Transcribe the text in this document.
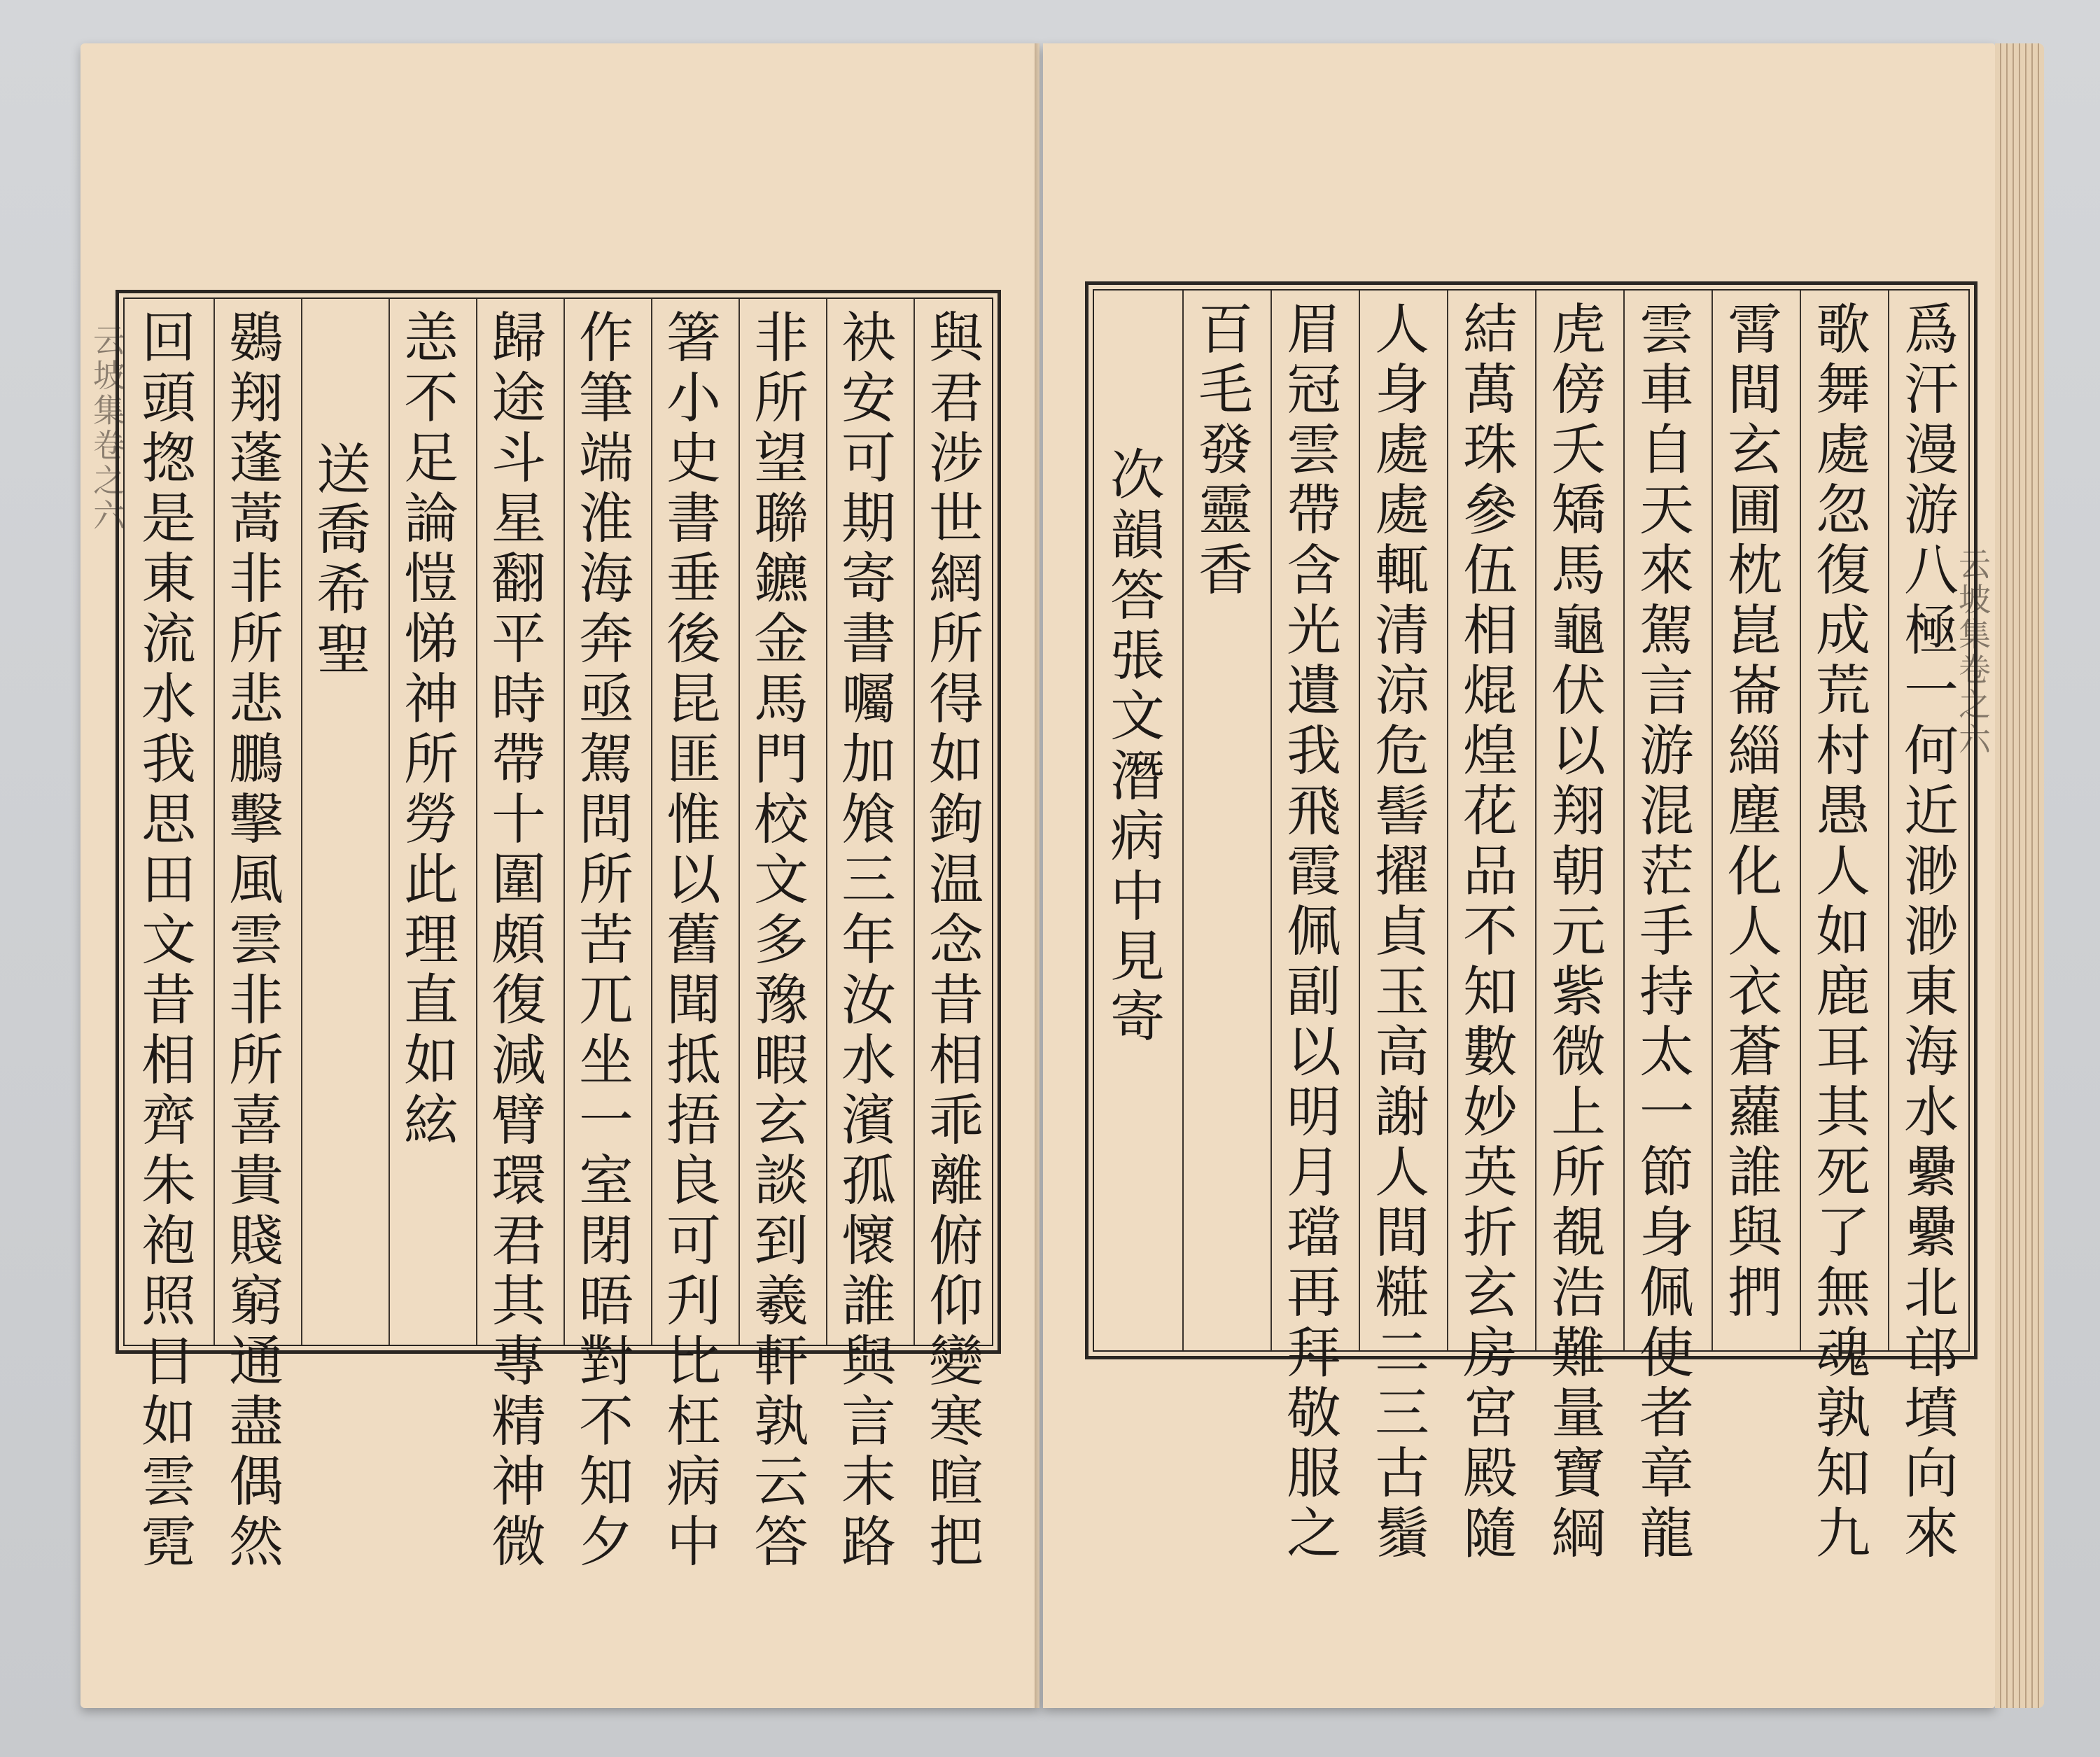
云坡集卷之六	與君涉世網所得如鉤温念昔相乖離俯仰變寒暄把
袂安可期寄書囑加飧三年汝水濱孤懷誰與言末路
非所望聯鑣金馬門校文多豫暇玄談到羲軒孰云答
箸小史書垂後昆匪惟以舊聞抵捂良可刋比枉病中
作筆端淮海奔亟駕問所苦兀坐一室閉晤對不知夕
歸途斗星翻平時帶十圍頗復減臂環君其專精神微
恙不足論愷悌神所勞此理直如絃
送喬希聖
鷃翔蓬蒿非所悲鵬擊風雲非所喜貴賤窮通盡偶然
回頭揔是東流水我思田文昔相齊朱袍照日如雲霓	云坡集卷之六
爲汗漫游八極一何近渺渺東海水纍纍北邙墳向來
歌舞處忽復成荒村愚人如鹿耳其死了無魂孰知九
霄間玄圃枕崑崙緇塵化人衣蒼蘿誰與捫
雲車自天來駕言游混茫手持太一節身佩使者章龍
虎傍夭矯馬龜伏以翔朝元紫微上所覩浩難量寶綱
結萬珠參伍相焜煌花品不知數妙英折玄房宮殿隨
人身處處輒清涼危髻擢貞玉高謝人間糚二三古鬚
眉冠雲帶含光遺我飛霞佩副以明月璫再拜敬服之
百毛發靈香
次韻答張文潛病中見寄
